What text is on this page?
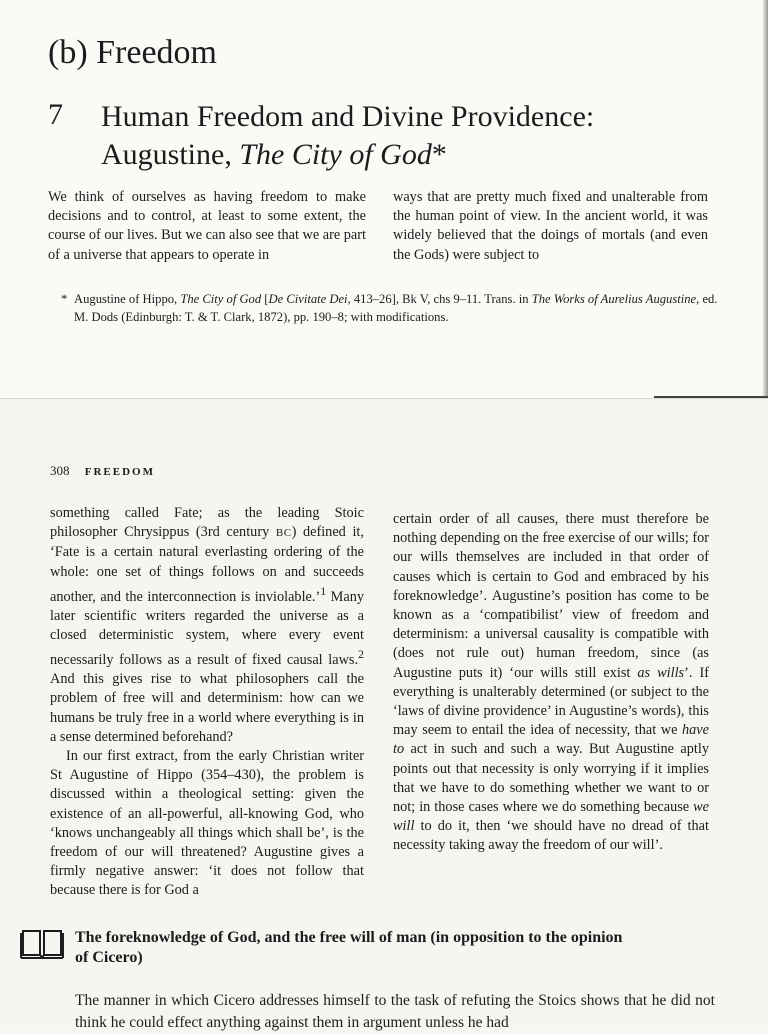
(b) Freedom
7 Human Freedom and Divine Providence:
Augustine, The City of God*

We think of ourselves as having freedom to make decisions and to control, at least to some extent, the course of our lives. But we can also see that we are part of a universe that appears to operate in

ways that are pretty much fixed and unalterable from the human point of view. In the ancient world, it was widely believed that the doings of mortals (and even the Gods) were subject to

* Augustine of Hippo, The City of God [De Civitate Dei, 413–26], Bk V, chs 9–11. Trans. in The Works of Aurelius Augustine, ed. M. Dods (Edinburgh: T. & T. Clark, 1872), pp. 190–8; with modifications.
308 FREEDOM

something called Fate; as the leading Stoic philosopher Chrysippus (3rd century BC) defined it, ‘Fate is a certain natural everlasting ordering of the whole: one set of things follows on and succeeds another, and the interconnection is inviolable.’$^1$ Many later scientific writers regarded the universe as a closed deterministic system, where every event necessarily follows as a result of fixed causal laws.$^2$ And this gives rise to what philosophers call the problem of free will and determinism: how can we humans be truly free in a world where everything is in a sense determined beforehand?

In our first extract, from the early Christian writer St Augustine of Hippo (354–430), the problem is discussed within a theological setting: given the existence of an all-powerful, all-knowing God, who ‘knows unchangeably all things which shall be’, is the freedom of our will threatened? Augustine gives a firmly negative answer: ‘it does not follow that because there is for God a

certain order of all causes, there must therefore be nothing depending on the free exercise of our wills; for our wills themselves are included in that order of causes which is certain to God and embraced by his foreknowledge’. Augustine’s position has come to be known as a ‘compatibilist’ view of freedom and determinism: a universal causality is compatible with (does not rule out) human freedom, since (as Augustine puts it) ‘our wills still exist as wills’. If everything is unalterably determined (or subject to the ‘laws of divine providence’ in Augustine’s words), this may seem to entail the idea of necessity, that we have to act in such and such a way. But Augustine aptly points out that necessity is only worrying if it implies that we have to do something whether we want to or not; in those cases where we do something because we will to do it, then ‘we should have no dread of that necessity taking away the freedom of our will’.

The foreknowledge of God, and the free will of man (in opposition to the opinion of Cicero)

The manner in which Cicero addresses himself to the task of refuting the Stoics shows that he did not think he could effect anything against them in argument unless he had
